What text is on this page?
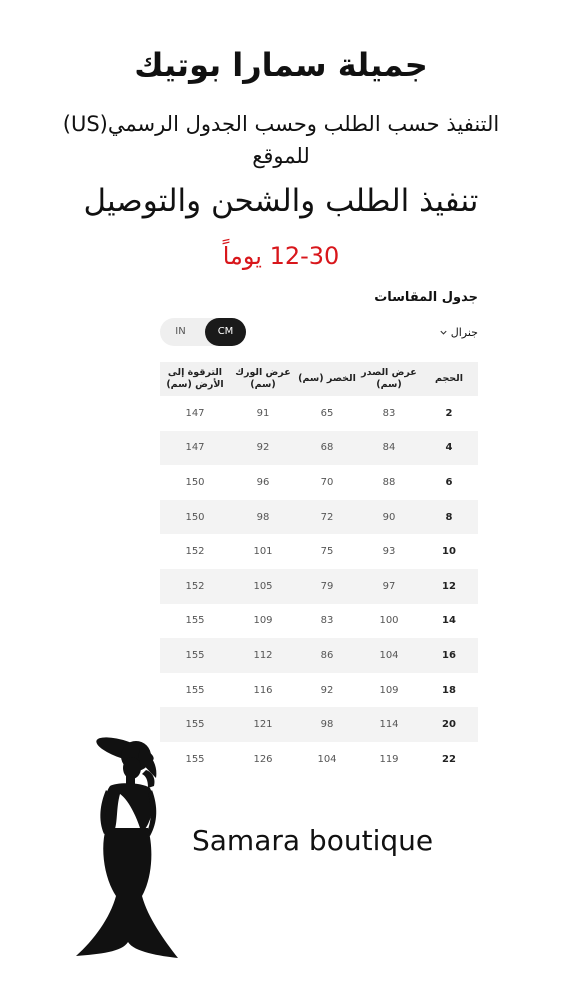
جميلة سمارا بوتيك
التنفيذ حسب الطلب وحسب الجدول الرسمي(US) للموقع
تنفيذ الطلب والشحن والتوصيل
12-30 يوماً
جدول المقاسات
جنرال
IN	CM
الترقوة إلى الأرض (سم)	عرض الورك (سم)	الخصر (سم)	عرض الصدر (سم)	الحجم
147	91	65	83	2
147	92	68	84	4
150	96	70	88	6
150	98	72	90	8
152	101	75	93	10
152	105	79	97	12
155	109	83	100	14
155	112	86	104	16
155	116	92	109	18
155	121	98	114	20
155	126	104	119	22
Samara boutique
